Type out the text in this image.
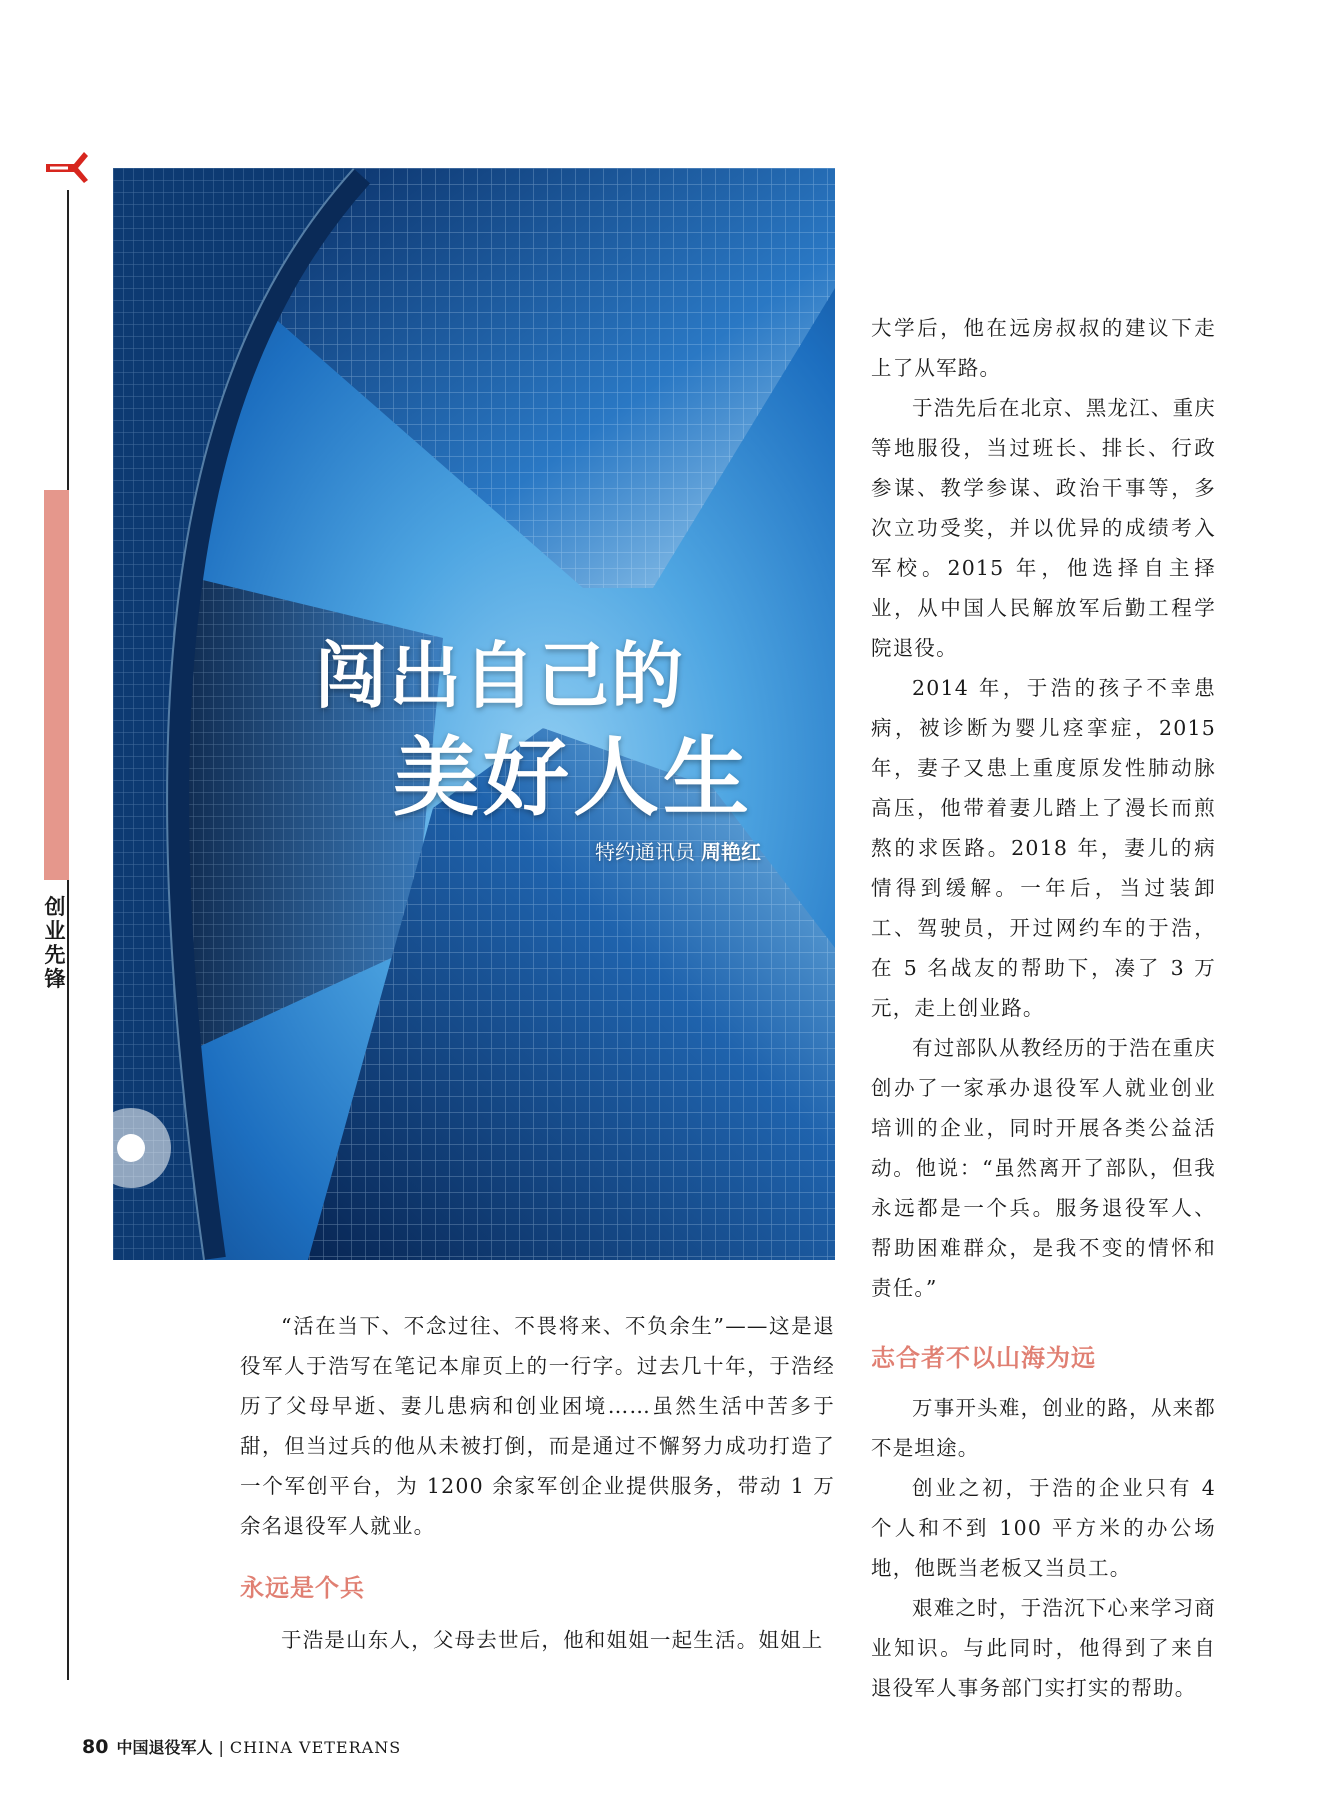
创
业
先
锋
闯出自己的
美好人生
特约通讯员 周艳红

“活在当下、不念过往、不畏将来、不负余生”——这是退役军人于浩写在笔记本扉页上的一行字。过去几十年，于浩经历了父母早逝、妻儿患病和创业困境……虽然生活中苦多于甜，但当过兵的他从未被打倒，而是通过不懈努力成功打造了一个军创平台，为 1200 余家军创企业提供服务，带动 1 万余名退役军人就业。

永远是个兵

于浩是山东人，父母去世后，他和姐姐一起生活。姐姐上

大学后，他在远房叔叔的建议下走上了从军路。

于浩先后在北京、黑龙江、重庆等地服役，当过班长、排长、行政参谋、教学参谋、政治干事等，多次立功受奖，并以优异的成绩考入军校。2015 年，他选择自主择业，从中国人民解放军后勤工程学院退役。

2014 年，于浩的孩子不幸患病，被诊断为婴儿痉挛症，2015 年，妻子又患上重度原发性肺动脉高压，他带着妻儿踏上了漫长而煎熬的求医路。2018 年，妻儿的病情得到缓解。一年后，当过装卸工、驾驶员，开过网约车的于浩，在 5 名战友的帮助下，凑了 3 万元，走上创业路。

有过部队从教经历的于浩在重庆创办了一家承办退役军人就业创业培训的企业，同时开展各类公益活动。他说：“虽然离开了部队，但我永远都是一个兵。服务退役军人、帮助困难群众，是我不变的情怀和责任。”

志合者不以山海为远

万事开头难，创业的路，从来都不是坦途。

创业之初，于浩的企业只有 4 个人和不到 100 平方米的办公场地，他既当老板又当员工。

艰难之时，于浩沉下心来学习商业知识。与此同时，他得到了来自退役军人事务部门实打实的帮助。

80 中国退役军人 | CHINA VETERANS
